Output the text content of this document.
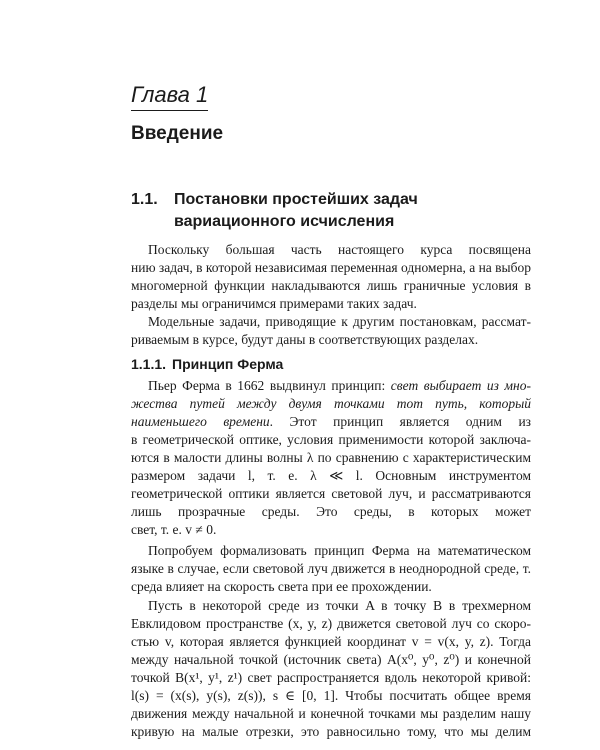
Глава 1
Введение
1.1. Постановки простейших задач
вариационного исчисления
Поскольку большая часть настоящего курса посвящена
нию задач, в которой независимая переменная одномерна, а на выбор
многомерной функции накладываются лишь граничные условия в
разделы мы ограничимся примерами таких задач.
Модельные задачи, приводящие к другим постановкам, рассмат-
риваемым в курсе, будут даны в соответствующих разделах.
1.1.1. Принцип Ферма
Пьер Ферма в 1662 выдвинул принцип: свет выбирает из мно-
жества путей между двумя точками тот путь, который
наименьшего времени. Этот принцип является одним из
в геометрической оптике, условия применимости которой заключа-
ются в малости длины волны λ по сравнению с характеристическим
размером задачи l, т. е. λ ≪ l. Основным инструментом
геометрической оптики является световой луч, и рассматриваются
лишь прозрачные среды. Это среды, в которых может
свет, т. е. v ≠ 0.
Попробуем формализовать принцип Ферма на математическом
языке в случае, если световой луч движется в неоднородной среде, т.
среда влияет на скорость света при ее прохождении.
Пусть в некоторой среде из точки A в точку B в трехмерном
Евклидовом пространстве (x, y, z) движется световой луч со скоро-
стью v, которая является функцией координат v = v(x, y, z). Тогда
между начальной точкой (источник света) A(x⁰, y⁰, z⁰) и конечной
точкой B(x¹, y¹, z¹) свет распространяется вдоль некоторой кривой:
l(s) = (x(s), y(s), z(s)), s ∈ [0, 1]. Чтобы посчитать общее время
движения между начальной и конечной точками мы разделим нашу
кривую на малые отрезки, это равносильно тому, что мы делим
